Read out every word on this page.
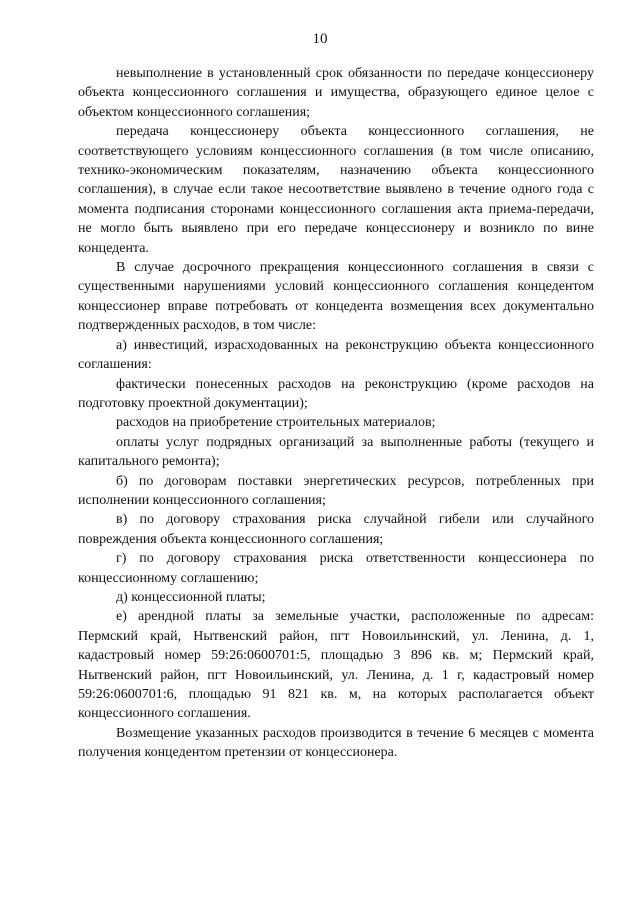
10

невыполнение в установленный срок обязанности по передаче концессионеру объекта концессионного соглашения и имущества, образующего единое целое с объектом концессионного соглашения;

передача концессионеру объекта концессионного соглашения, не соответствующего условиям концессионного соглашения (в том числе описанию, технико-экономическим показателям, назначению объекта концессионного соглашения), в случае если такое несоответствие выявлено в течение одного года с момента подписания сторонами концессионного соглашения акта приема-передачи, не могло быть выявлено при его передаче концессионеру и возникло по вине концедента.

В случае досрочного прекращения концессионного соглашения в связи с существенными нарушениями условий концессионного соглашения концедентом концессионер вправе потребовать от концедента возмещения всех документально подтвержденных расходов, в том числе:

а) инвестиций, израсходованных на реконструкцию объекта концессионного соглашения:

фактически понесенных расходов на реконструкцию (кроме расходов на подготовку проектной документации);

расходов на приобретение строительных материалов;

оплаты услуг подрядных организаций за выполненные работы (текущего и капитального ремонта);

б) по договорам поставки энергетических ресурсов, потребленных при исполнении концессионного соглашения;

в) по договору страхования риска случайной гибели или случайного повреждения объекта концессионного соглашения;

г) по договору страхования риска ответственности концессионера по концессионному соглашению;

д) концессионной платы;

е) арендной платы за земельные участки, расположенные по адресам: Пермский край, Нытвенский район, пгт Новоильинский, ул. Ленина, д. 1, кадастровый номер 59:26:0600701:5, площадью 3 896 кв. м; Пермский край, Нытвенский район, пгт Новоильинский, ул. Ленина, д. 1 г, кадастровый номер 59:26:0600701:6, площадью 91 821 кв. м, на которых располагается объект концессионного соглашения.

Возмещение указанных расходов производится в течение 6 месяцев с момента получения концедентом претензии от концессионера.
